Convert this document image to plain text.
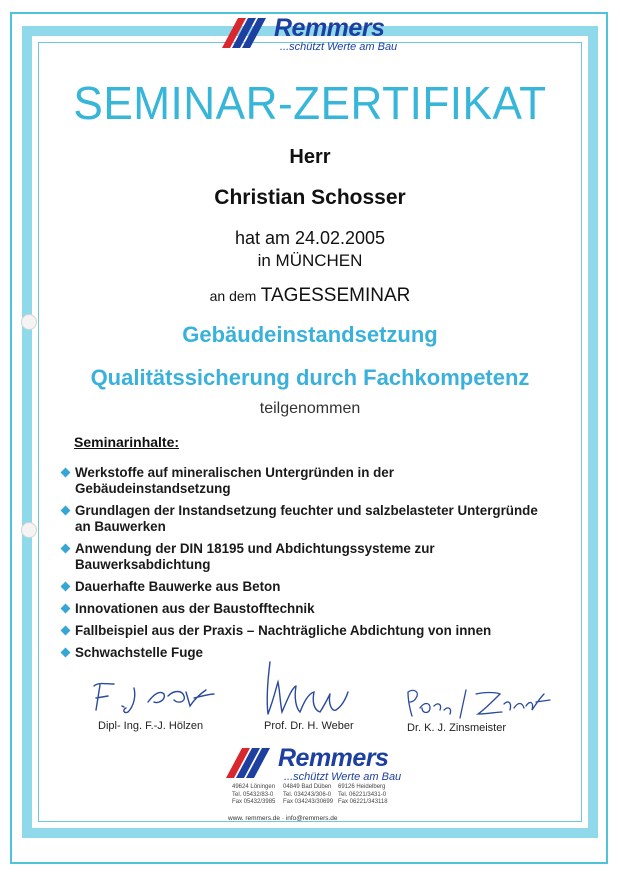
Remmers
...schützt Werte am Bau
SEMINAR-ZERTIFIKAT
Herr
Christian Schosser
hat am 24.02.2005
in MÜNCHEN
an dem TAGESSEMINAR
Gebäudeinstandsetzung
Qualitätssicherung durch Fachkompetenz
teilgenommen
Seminarinhalte:
Werkstoffe auf mineralischen Untergründen in der Gebäudeinstandsetzung
Grundlagen der Instandsetzung feuchter und salzbelasteter Untergründe an Bauwerken
Anwendung der DIN 18195 und Abdichtungssysteme zur Bauwerksabdichtung
Dauerhafte Bauwerke aus Beton
Innovationen aus der Baustofftechnik
Fallbeispiel aus der Praxis – Nachträgliche Abdichtung von innen
Schwachstelle Fuge
Dipl- Ing. F.-J. Hölzen	Prof. Dr. H. Weber	Dr. K. J. Zinsmeister
Remmers
...schützt Werte am Bau
49624 Löningen
Tel. 05432/83-0
Fax 05432/3985
04849 Bad Düben
Tel. 034243/306-0
Fax 034243/30699
69126 Heidelberg
Tel. 06221/3431-0
Fax 06221/343118
www. remmers.de · info@remmers.de
